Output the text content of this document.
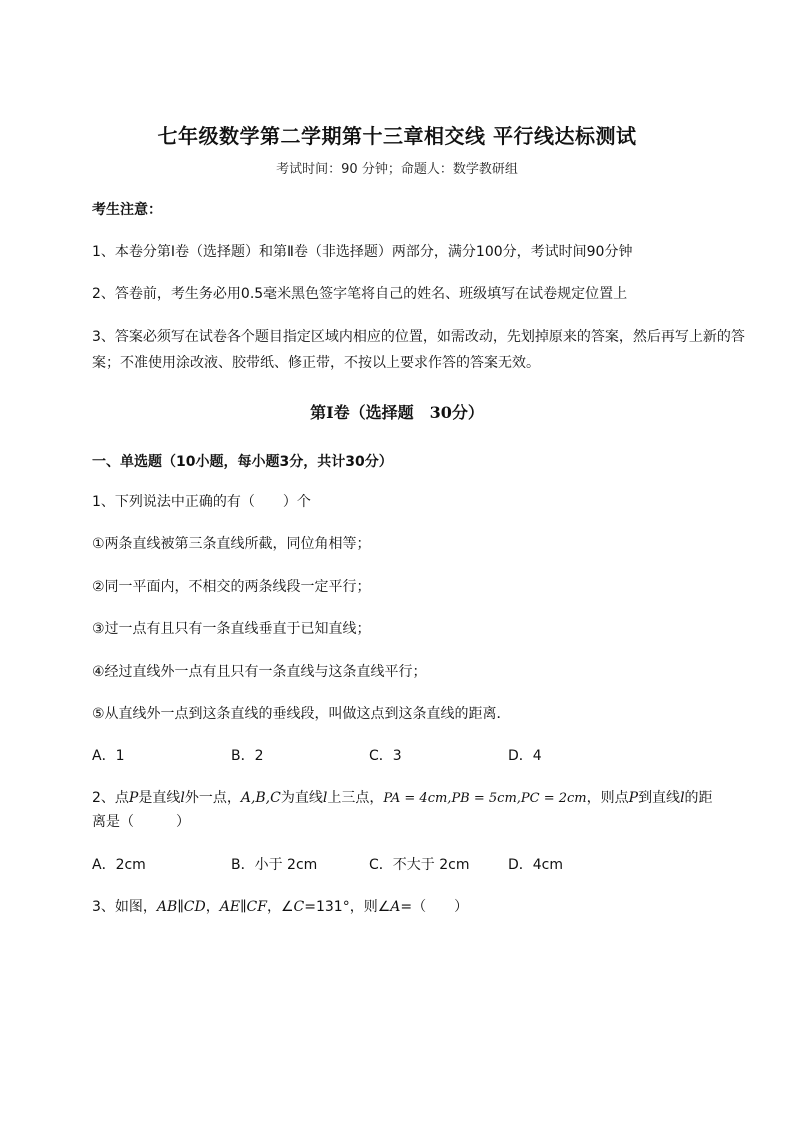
七年级数学第二学期第十三章相交线 平行线达标测试
考试时间：90 分钟；命题人：数学教研组
考生注意：
1、本卷分第Ⅰ卷（选择题）和第Ⅱ卷（非选择题）两部分，满分100分，考试时间90分钟
2、答卷前，考生务必用0.5毫米黑色签字笔将自己的姓名、班级填写在试卷规定位置上
3、答案必须写在试卷各个题目指定区域内相应的位置，如需改动，先划掉原来的答案，然后再写上新的答案；不准使用涂改液、胶带纸、修正带，不按以上要求作答的答案无效。
第Ⅰ卷（选择题　30分）
一、单选题（10小题，每小题3分，共计30分）
1、下列说法中正确的有（　　）个
①两条直线被第三条直线所截，同位角相等；
②同一平面内，不相交的两条线段一定平行；
③过一点有且只有一条直线垂直于已知直线；
④经过直线外一点有且只有一条直线与这条直线平行；
⑤从直线外一点到这条直线的垂线段，叫做这点到这条直线的距离．
A．1	B．2	C．3	D．4
2、点P是直线l外一点，A,B,C为直线l上三点，PA = 4cm,PB = 5cm,PC = 2cm，则点P到直线l的距
离是（　　　）
A．2cm	B．小于 2cm	C．不大于 2cm	D．4cm
3、如图，AB∥CD，AE∥CF，∠C=131°，则∠A=（　　）
